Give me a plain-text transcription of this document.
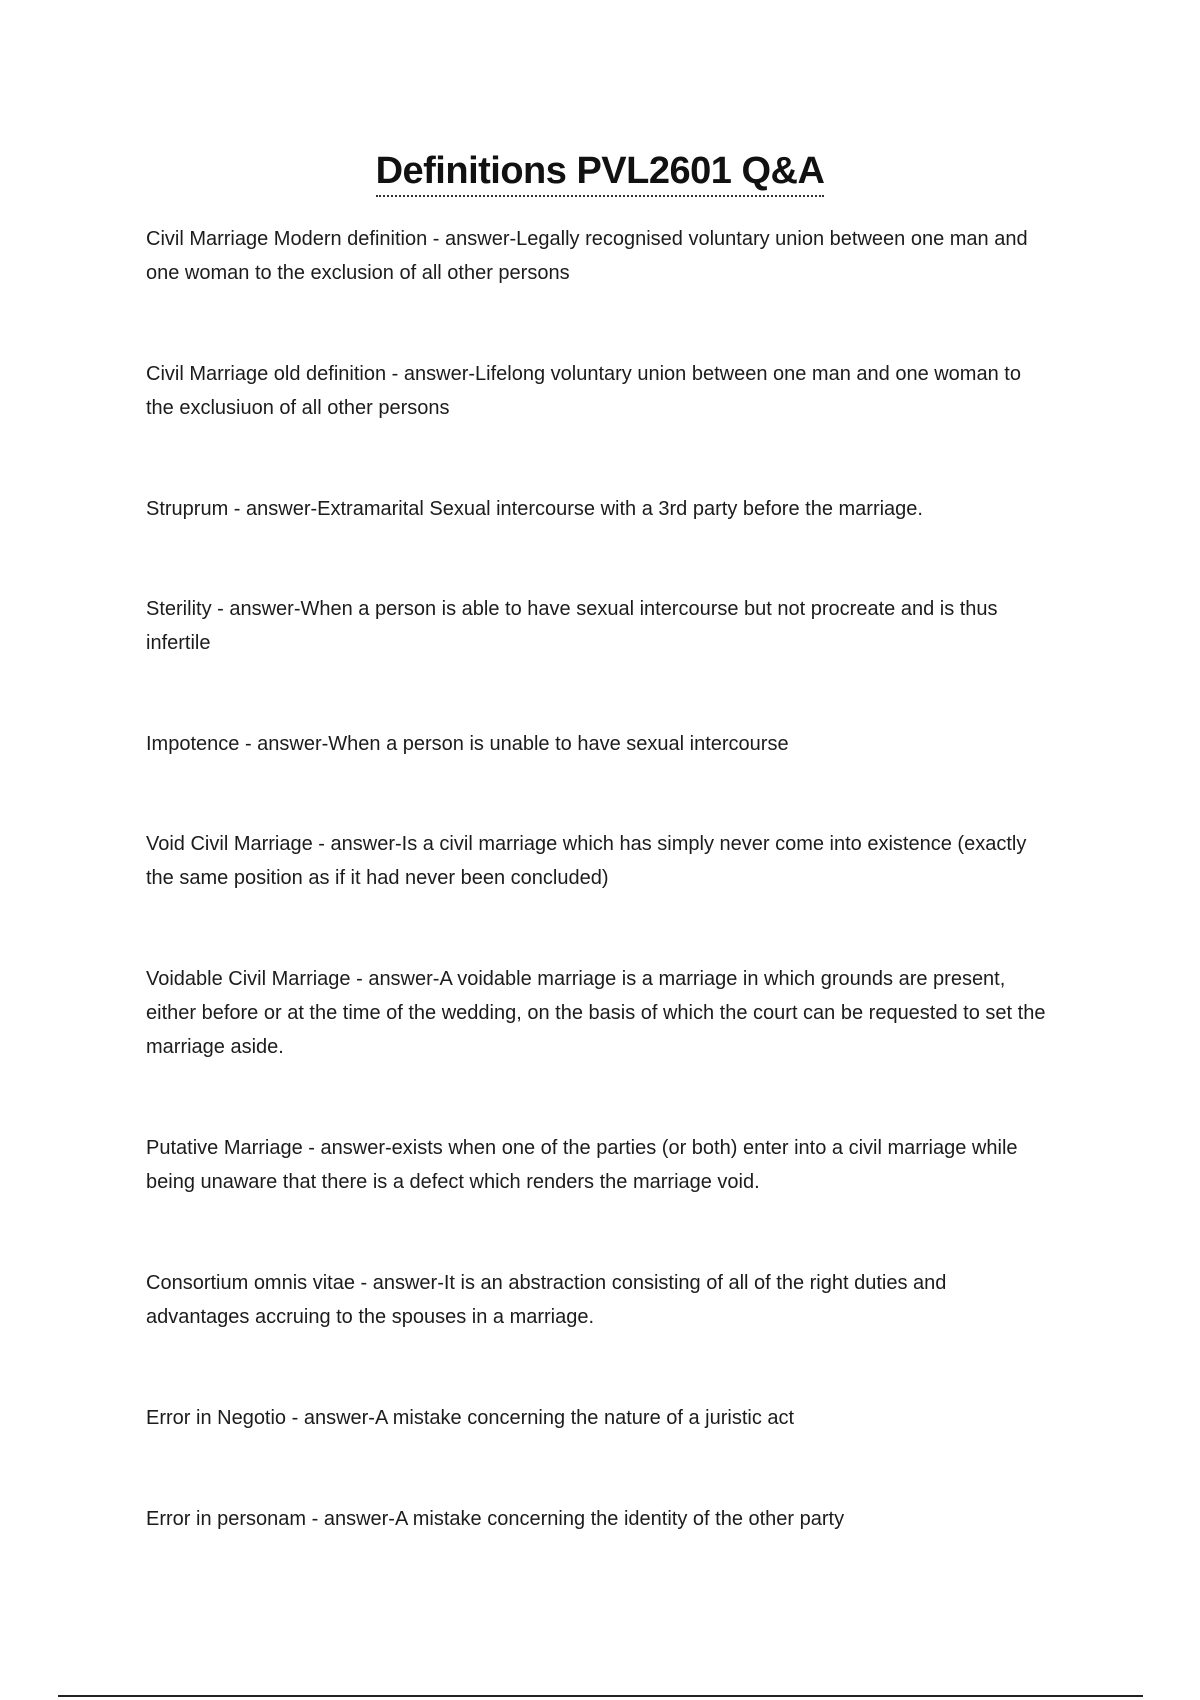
Definitions PVL2601 Q&A

Civil Marriage Modern definition - answer-Legally recognised voluntary union between one man and one woman to the exclusion of all other persons

Civil Marriage old definition - answer-Lifelong voluntary union between one man and one woman to the exclusiuon of all other persons

Struprum - answer-Extramarital Sexual intercourse with a 3rd party before the marriage.

Sterility - answer-When a person is able to have sexual intercourse but not procreate and is thus infertile

Impotence - answer-When a person is unable to have sexual intercourse

Void Civil Marriage - answer-Is a civil marriage which has simply never come into existence (exactly the same position as if it had never been concluded)

Voidable Civil Marriage - answer-A voidable marriage is a marriage in which grounds are present, either before or at the time of the wedding, on the basis of which the court can be requested to set the marriage aside.

Putative Marriage - answer-exists when one of the parties (or both) enter into a civil marriage while being unaware that there is a defect which renders the marriage void.

Consortium omnis vitae - answer-It is an abstraction consisting of all of the right duties and advantages accruing to the spouses in a marriage.

Error in Negotio - answer-A mistake concerning the nature of a juristic act

Error in personam - answer-A mistake concerning the identity of the other party
